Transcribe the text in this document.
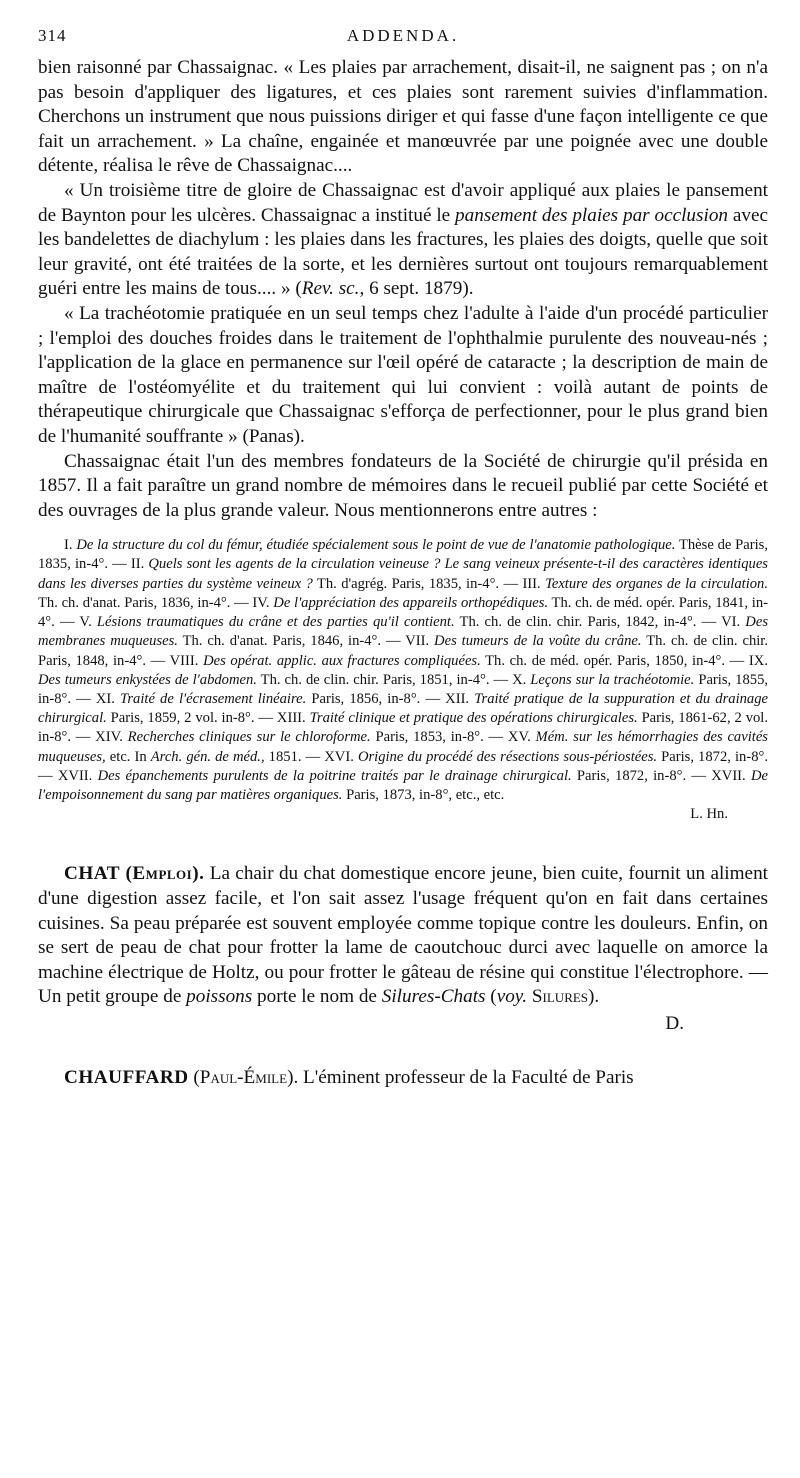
314	ADDENDA.

bien raisonné par Chassaignac. « Les plaies par arrachement, disait-il, ne saignent pas ; on n'a pas besoin d'appliquer des ligatures, et ces plaies sont rarement suivies d'inflammation. Cherchons un instrument que nous puissions diriger et qui fasse d'une façon intelligente ce que fait un arrachement. » La chaîne, engainée et manœuvrée par une poignée avec une double détente, réalisa le rêve de Chassaignac....

« Un troisième titre de gloire de Chassaignac est d'avoir appliqué aux plaies le pansement de Baynton pour les ulcères. Chassaignac a institué le pansement des plaies par occlusion avec les bandelettes de diachylum : les plaies dans les fractures, les plaies des doigts, quelle que soit leur gravité, ont été traitées de la sorte, et les dernières surtout ont toujours remarquablement guéri entre les mains de tous.... » (Rev. sc., 6 sept. 1879).

« La trachéotomie pratiquée en un seul temps chez l'adulte à l'aide d'un procédé particulier ; l'emploi des douches froides dans le traitement de l'ophthalmie purulente des nouveau-nés ; l'application de la glace en permanence sur l'œil opéré de cataracte ; la description de main de maître de l'ostéomyélite et du traitement qui lui convient : voilà autant de points de thérapeutique chirurgicale que Chassaignac s'efforça de perfectionner, pour le plus grand bien de l'humanité souffrante » (Panas).

Chassaignac était l'un des membres fondateurs de la Société de chirurgie qu'il présida en 1857. Il a fait paraître un grand nombre de mémoires dans le recueil publié par cette Société et des ouvrages de la plus grande valeur. Nous mentionnerons entre autres :

I. De la structure du col du fémur, étudiée spécialement sous le point de vue de l'anatomie pathologique. Thèse de Paris, 1835, in-4°. — II. Quels sont les agents de la circulation veineuse ? Le sang veineux présente-t-il des caractères identiques dans les diverses parties du système veineux ? Th. d'agrég. Paris, 1835, in-4°. — III. Texture des organes de la circulation. Th. ch. d'anat. Paris, 1836, in-4°. — IV. De l'appréciation des appareils orthopédiques. Th. ch. de méd. opér. Paris, 1841, in-4°. — V. Lésions traumatiques du crâne et des parties qu'il contient. Th. ch. de clin. chir. Paris, 1842, in-4°. — VI. Des membranes muqueuses. Th. ch. d'anat. Paris, 1846, in-4°. — VII. Des tumeurs de la voûte du crâne. Th. ch. de clin. chir. Paris, 1848, in-4°. — VIII. Des opérat. applic. aux fractures compliquées. Th. ch. de méd. opér. Paris, 1850, in-4°. — IX. Des tumeurs enkystées de l'abdomen. Th. ch. de clin. chir. Paris, 1851, in-4°. — X. Leçons sur la trachéotomie. Paris, 1855, in-8°. — XI. Traité de l'écrasement linéaire. Paris, 1856, in-8°. — XII. Traité pratique de la suppuration et du drainage chirurgical. Paris, 1859, 2 vol. in-8°. — XIII. Traité clinique et pratique des opérations chirurgicales. Paris, 1861-62, 2 vol. in-8°. — XIV. Recherches cliniques sur le chloroforme. Paris, 1853, in-8°. — XV. Mém. sur les hémorrhagies des cavités muqueuses, etc. In Arch. gén. de méd., 1851. — XVI. Origine du procédé des résections sous-périostées. Paris, 1872, in-8°. — XVII. Des épanchements purulents de la poitrine traités par le drainage chirurgical. Paris, 1872, in-8°. — XVII. De l'empoisonnement du sang par matières organiques. Paris, 1873, in-8°, etc., etc.

L. Hn.

CHAT (Emploi). La chair du chat domestique encore jeune, bien cuite, fournit un aliment d'une digestion assez facile, et l'on sait assez l'usage fréquent qu'on en fait dans certaines cuisines. Sa peau préparée est souvent employée comme topique contre les douleurs. Enfin, on se sert de peau de chat pour frotter la lame de caoutchouc durci avec laquelle on amorce la machine électrique de Holtz, ou pour frotter le gâteau de résine qui constitue l'électrophore. — Un petit groupe de poissons porte le nom de Silures-Chats (voy. Silures).

D.

CHAUFFARD (Paul-Émile). L'éminent professeur de la Faculté de Paris
